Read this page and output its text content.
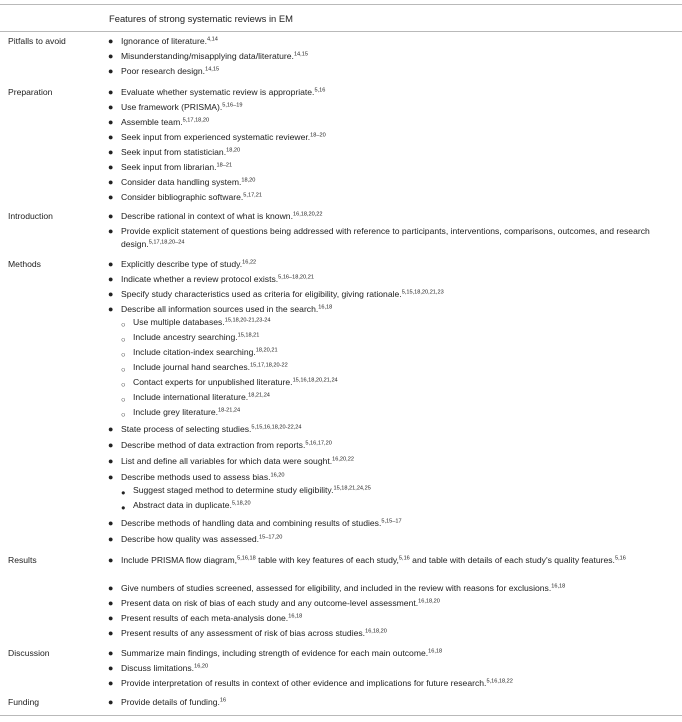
Features of strong systematic reviews in EM
Pitfalls to avoid	● Ignorance of literature.$^{4,14}$
● Misunderstanding/misapplying data/literature.$^{14,15}$
● Poor research design.$^{14,15}$
Preparation	● Evaluate whether systematic review is appropriate.$^{5,16}$
● Use framework (PRISMA).$^{5,16-19}$
● Assemble team.$^{5,17,18,20}$
● Seek input from experienced systematic reviewer.$^{18-20}$
● Seek input from statistician.$^{18,20}$
● Seek input from librarian.$^{18-21}$
● Consider data handling system.$^{18,20}$
● Consider bibliographic software.$^{5,17,21}$
Introduction	● Describe rational in context of what is known.$^{16,18,20,22}$
● Provide explicit statement of questions being addressed with reference to participants, interventions, comparisons, outcomes, and research design.$^{5,17,18,20-24}$
Methods	● Explicitly describe type of study.$^{16,22}$
● Indicate whether a review protocol exists.$^{5,16-18,20,21}$
● Specify study characteristics used as criteria for eligibility, giving rationale.$^{5,15,18,20,21,23}$
● Describe all information sources used in the search.$^{16,18}$
○ Use multiple databases.$^{15,18,20-21,23-24}$
○ Include ancestry searching.$^{15,18,21}$
○ Include citation-index searching.$^{18,20,21}$
○ Include journal hand searches.$^{15,17,18,20-22}$
○ Contact experts for unpublished literature.$^{15,16,18,20,21,24}$
○ Include international literature.$^{18,21,24}$
○ Include grey literature.$^{18-21,24}$
● State process of selecting studies.$^{5,15,16,18,20-22,24}$
● Describe method of data extraction from reports.$^{5,16,17,20}$
● List and define all variables for which data were sought.$^{16,20,22}$
● Describe methods used to assess bias.$^{16,20}$
● Suggest staged method to determine study eligibility.$^{15,18,21,24,25}$
● Abstract data in duplicate.$^{5,18,20}$
● Describe methods of handling data and combining results of studies.$^{5,15-17}$
● Describe how quality was assessed.$^{15-17,20}$
Results	● Include PRISMA flow diagram,$^{5,16,18}$ table with key features of each study,$^{5,16}$ and table with details of each study's quality features.$^{5,16}$
● Give numbers of studies screened, assessed for eligibility, and included in the review with reasons for exclusions.$^{16,18}$
● Present data on risk of bias of each study and any outcome-level assessment.$^{16,18,20}$
● Present results of each meta-analysis done.$^{16,18}$
● Present results of any assessment of risk of bias across studies.$^{16,18,20}$
Discussion	● Summarize main findings, including strength of evidence for each main outcome.$^{16,18}$
● Discuss limitations.$^{16,20}$
● Provide interpretation of results in context of other evidence and implications for future research.$^{5,16,18,22}$
Funding	● Provide details of funding.$^{16}$
